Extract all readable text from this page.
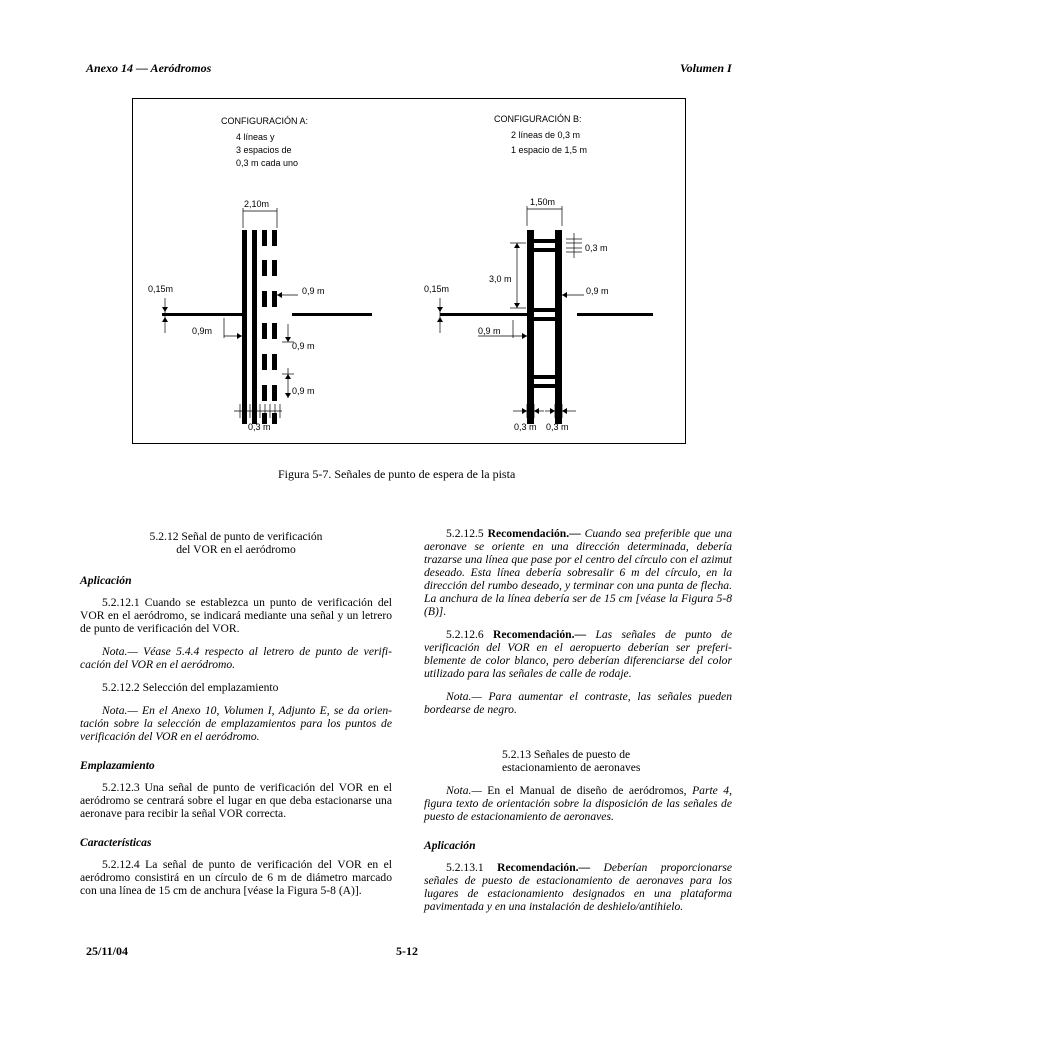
Anexo 14 — Aeródromos	Volumen I
CONFIGURACIÓN A:
4 líneas y
3 espacios de
0,3 m cada uno
CONFIGURACIÓN B:
2 líneas de 0,3 m
1 espacio de 1,5 m
2,10m
0,15m
0,9m
0,9 m
0,9 m
0,9 m
0,3 m
1,50m
0,3 m
3,0 m
0,15m	0,9 m
0,9 m
0,3 m 0,3 m
Figura 5-7. Señales de punto de espera de la pista
5.2.12 Señal de punto de verificación
del VOR en el aeródromo
Aplicación

5.2.12.1 Cuando se establezca un punto de verificación del VOR en el aeródromo, se indicará mediante una señal y un letrero de punto de verificación del VOR.

Nota.— Véase 5.4.4 respecto al letrero de punto de verifi-cación del VOR en el aeródromo.

5.2.12.2 Selección del emplazamiento

Nota.— En el Anexo 10, Volumen I, Adjunto E, se da orien-tación sobre la selección de emplazamientos para los puntos de verificación del VOR en el aeródromo.

Emplazamiento

5.2.12.3 Una señal de punto de verificación del VOR en el aeródromo se centrará sobre el lugar en que deba estacionarse una aeronave para recibir la señal VOR correcta.

Características

5.2.12.4 La señal de punto de verificación del VOR en el aeródromo consistirá en un círculo de 6 m de diámetro marcado con una línea de 15 cm de anchura [véase la Figura 5-8 (A)].

5.2.12.5 Recomendación.— Cuando sea preferible que una aeronave se oriente en una dirección determinada, debería trazarse una línea que pase por el centro del círculo con el azimut deseado. Esta línea debería sobresalir 6 m del círculo, en la dirección del rumbo deseado, y terminar con una punta de flecha. La anchura de la línea debería ser de 15 cm [véase la Figura 5-8 (B)].

5.2.12.6 Recomendación.— Las señales de punto de verificación del VOR en el aeropuerto deberían ser preferi-blemente de color blanco, pero deberían diferenciarse del color utilizado para las señales de calle de rodaje.

Nota.— Para aumentar el contraste, las señales pueden bordearse de negro.

5.2.13 Señales de puesto de
estacionamiento de aeronaves

Nota.— En el Manual de diseño de aeródromos, Parte 4, figura texto de orientación sobre la disposición de las señales de puesto de estacionamiento de aeronaves.

Aplicación

5.2.13.1 Recomendación.— Deberían proporcionarse señales de puesto de estacionamiento de aeronaves para los lugares de estacionamiento designados en una plataforma pavimentada y en una instalación de deshielo/antihielo.

25/11/04	5-12
